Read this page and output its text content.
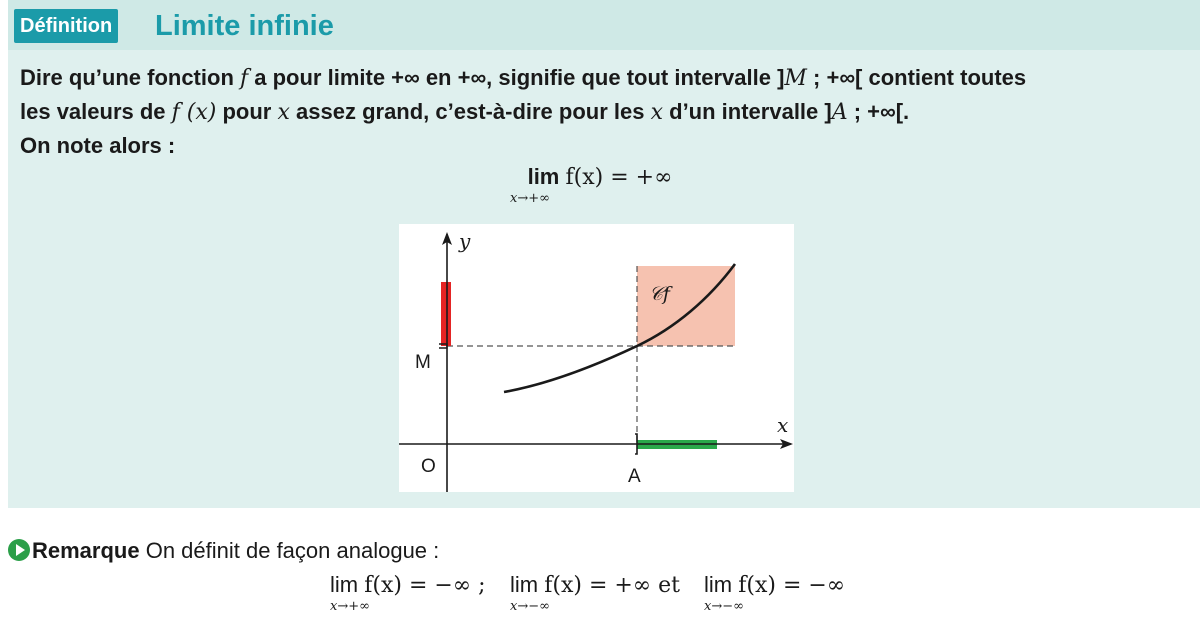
Définition Limite infinie
Dire qu’une fonction f a pour limite +∞ en +∞, signifie que tout intervalle ]M ; +∞[ contient toutes
les valeurs de f (x) pour x assez grand, c’est-à-dire pour les x d’un intervalle ]A ; +∞[.
On note alors :
lim f(x) = +∞
x→+∞
y
x
M
O	A
𝒞f
Remarque On définit de façon analogue :
lim f(x) = −∞ ;
x→+∞
lim f(x) = +∞ et
x→−∞
lim f(x) = −∞
x→−∞
